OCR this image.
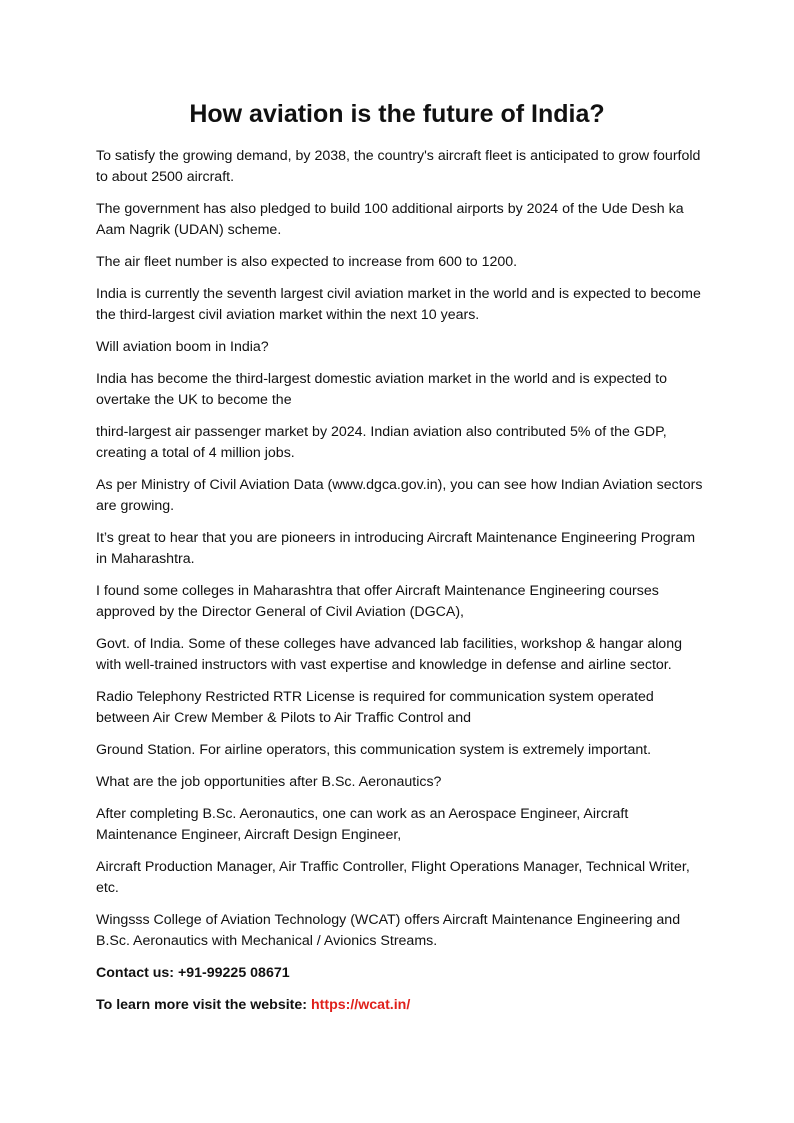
How aviation is the future of India?

To satisfy the growing demand, by 2038, the country's aircraft fleet is anticipated to grow fourfold to about 2500 aircraft.

The government has also pledged to build 100 additional airports by 2024 of the Ude Desh ka Aam Nagrik (UDAN) scheme.

The air fleet number is also expected to increase from 600 to 1200.

India is currently the seventh largest civil aviation market in the world and is expected to become the third-largest civil aviation market within the next 10 years.

Will aviation boom in India?

India has become the third-largest domestic aviation market in the world and is expected to overtake the UK to become the

third-largest air passenger market by 2024. Indian aviation also contributed 5% of the GDP, creating a total of 4 million jobs.

As per Ministry of Civil Aviation Data (www.dgca.gov.in), you can see how Indian Aviation sectors are growing.

It’s great to hear that you are pioneers in introducing Aircraft Maintenance Engineering Program in Maharashtra.

I found some colleges in Maharashtra that offer Aircraft Maintenance Engineering courses approved by the Director General of Civil Aviation (DGCA),

Govt. of India. Some of these colleges have advanced lab facilities, workshop & hangar along with well-trained instructors with vast expertise and knowledge in defense and airline sector.

Radio Telephony Restricted RTR License is required for communication system operated between Air Crew Member & Pilots to Air Traffic Control and

Ground Station. For airline operators, this communication system is extremely important.

What are the job opportunities after B.Sc. Aeronautics?

After completing B.Sc. Aeronautics, one can work as an Aerospace Engineer, Aircraft Maintenance Engineer, Aircraft Design Engineer,

Aircraft Production Manager, Air Traffic Controller, Flight Operations Manager, Technical Writer, etc.

Wingsss College of Aviation Technology (WCAT) offers Aircraft Maintenance Engineering and B.Sc. Aeronautics with Mechanical / Avionics Streams.

Contact us: +91-99225 08671

To learn more visit the website: https://wcat.in/
